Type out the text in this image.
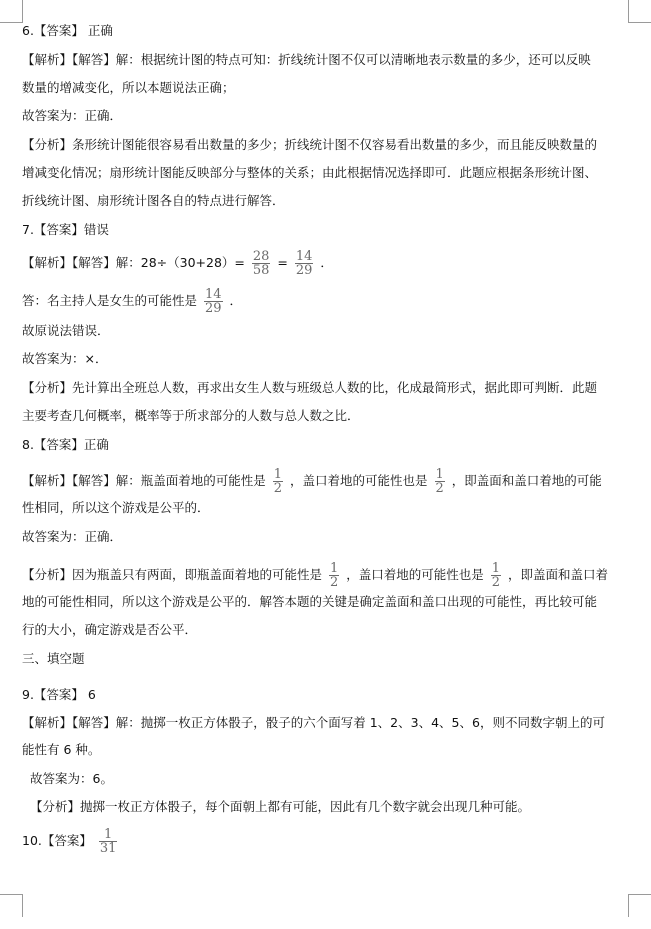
6.【答案】 正确
【解析】【解答】解：根据统计图的特点可知：折线统计图不仅可以清晰地表示数量的多少，还可以反映
数量的增减变化，所以本题说法正确；
故答案为：正确．
【分析】条形统计图能很容易看出数量的多少；折线统计图不仅容易看出数量的多少，而且能反映数量的
增减变化情况；扇形统计图能反映部分与整体的关系；由此根据情况选择即可．此题应根据条形统计图、
折线统计图、扇形统计图各自的特点进行解答．
7.【答案】错误
【解析】【解答】解：$28\div(30+28)= \frac{28}{58} = \frac{14}{29}$ ．
答：名主持人是女生的可能性是 $\frac{14}{29}$ ．
故原说法错误．
故答案为：×．
【分析】先计算出全班总人数，再求出女生人数与班级总人数的比，化成最简形式，据此即可判断．此题
主要考查几何概率，概率等于所求部分的人数与总人数之比．
8.【答案】正确
【解析】【解答】解：瓶盖面着地的可能性是 $\frac{1}{2}$ ，盖口着地的可能性也是 $\frac{1}{2}$ ，即盖面和盖口着地的可能
性相同，所以这个游戏是公平的．
故答案为：正确．
【分析】因为瓶盖只有两面，即瓶盖面着地的可能性是 $\frac{1}{2}$ ，盖口着地的可能性也是 $\frac{1}{2}$ ，即盖面和盖口着
地的可能性相同，所以这个游戏是公平的．解答本题的关键是确定盖面和盖口出现的可能性，再比较可能
行的大小，确定游戏是否公平．
三、填空题
9.【答案】 6
【解析】【解答】解：抛掷一枚正方体骰子，骰子的六个面写着 1、2、3、4、5、6，则不同数字朝上的可
能性有 6 种。
故答案为：6。
【分析】抛掷一枚正方体骰子，每个面朝上都有可能，因此有几个数字就会出现几种可能。
10.【答案】 $\frac{1}{31}$
